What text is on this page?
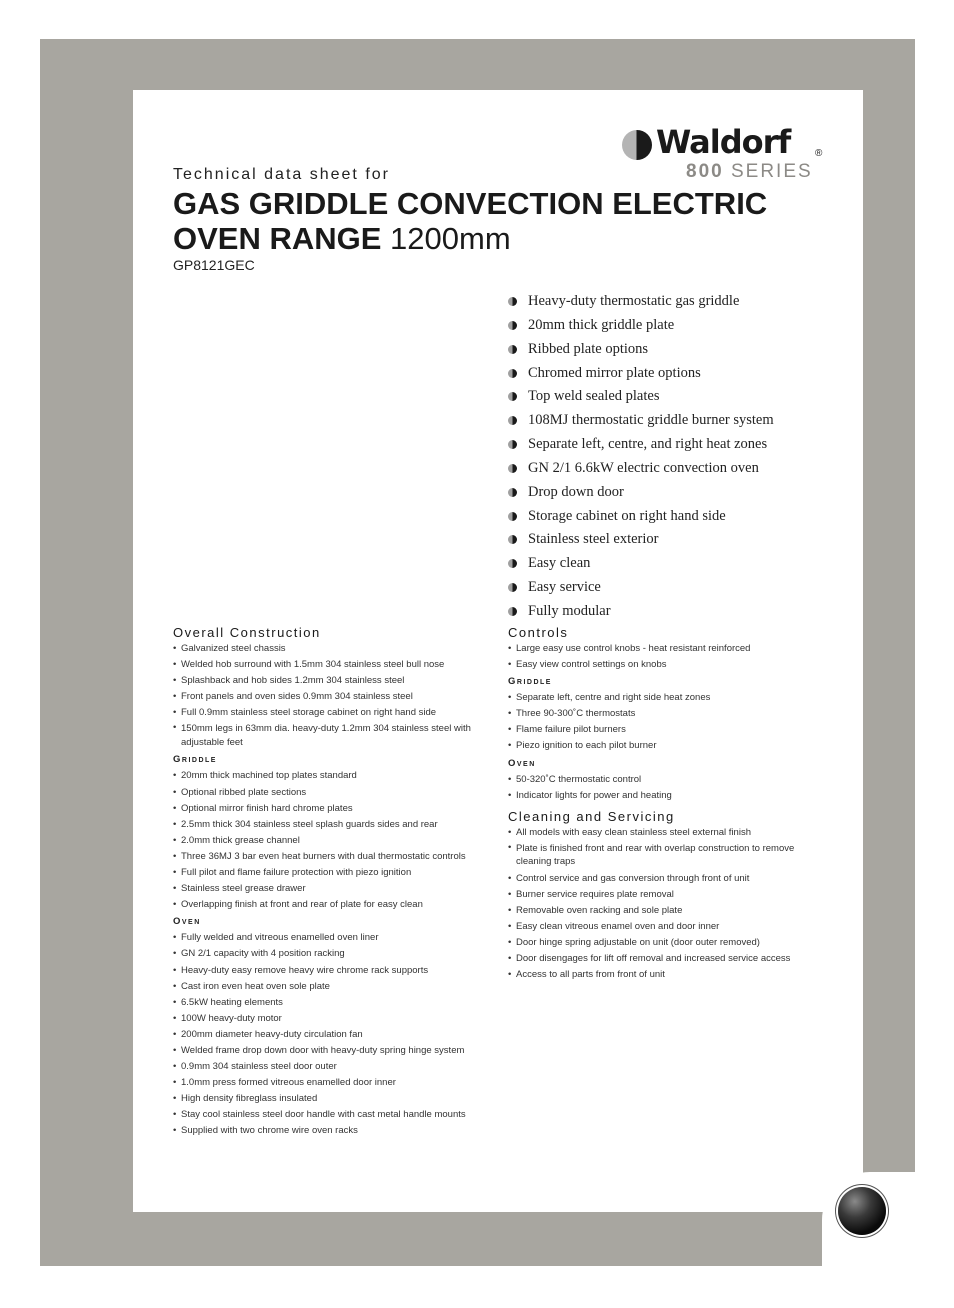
Waldorf ®
800 SERIES
Technical data sheet for
GAS GRIDDLE CONVECTION ELECTRIC
OVEN RANGE 1200mm
GP8121GEC
Heavy-duty thermostatic gas griddle
20mm thick griddle plate
Ribbed plate options
Chromed mirror plate options
Top weld sealed plates
108MJ thermostatic griddle burner system
Separate left, centre, and right heat zones
GN 2/1 6.6kW electric convection oven
Drop down door
Storage cabinet on right hand side
Stainless steel exterior
Easy clean
Easy service
Fully modular
Overall Construction
• Galvanized steel chassis
• Welded hob surround with 1.5mm 304 stainless steel bull nose
• Splashback and hob sides 1.2mm 304 stainless steel
• Front panels and oven sides 0.9mm 304 stainless steel
• Full 0.9mm stainless steel storage cabinet on right hand side
• 150mm legs in 63mm dia. heavy-duty 1.2mm 304 stainless steel with adjustable feet
Griddle
• 20mm thick machined top plates standard
• Optional ribbed plate sections
• Optional mirror finish hard chrome plates
• 2.5mm thick 304 stainless steel splash guards sides and rear
• 2.0mm thick grease channel
• Three 36MJ 3 bar even heat burners with dual thermostatic controls
• Full pilot and flame failure protection with piezo ignition
• Stainless steel grease drawer
• Overlapping finish at front and rear of plate for easy clean
Oven
• Fully welded and vitreous enamelled oven liner
• GN 2/1 capacity with 4 position racking
• Heavy-duty easy remove heavy wire chrome rack supports
• Cast iron even heat oven sole plate
• 6.5kW heating elements
• 100W heavy-duty motor
• 200mm diameter heavy-duty circulation fan
• Welded frame drop down door with heavy-duty spring hinge system
• 0.9mm 304 stainless steel door outer
• 1.0mm press formed vitreous enamelled door inner
• High density fibreglass insulated
• Stay cool stainless steel door handle with cast metal handle mounts
• Supplied with two chrome wire oven racks
Controls
• Large easy use control knobs - heat resistant reinforced
• Easy view control settings on knobs
Griddle
• Separate left, centre and right side heat zones
• Three 90-300˚C thermostats
• Flame failure pilot burners
• Piezo ignition to each pilot burner
Oven
• 50-320˚C thermostatic control
• Indicator lights for power and heating
Cleaning and Servicing
• All models with easy clean stainless steel external finish
• Plate is finished front and rear with overlap construction to remove cleaning traps
• Control service and gas conversion through front of unit
• Burner service requires plate removal
• Removable oven racking and sole plate
• Easy clean vitreous enamel oven and door inner
• Door hinge spring adjustable on unit (door outer removed)
• Door disengages for lift off removal and increased service access
• Access to all parts from front of unit
